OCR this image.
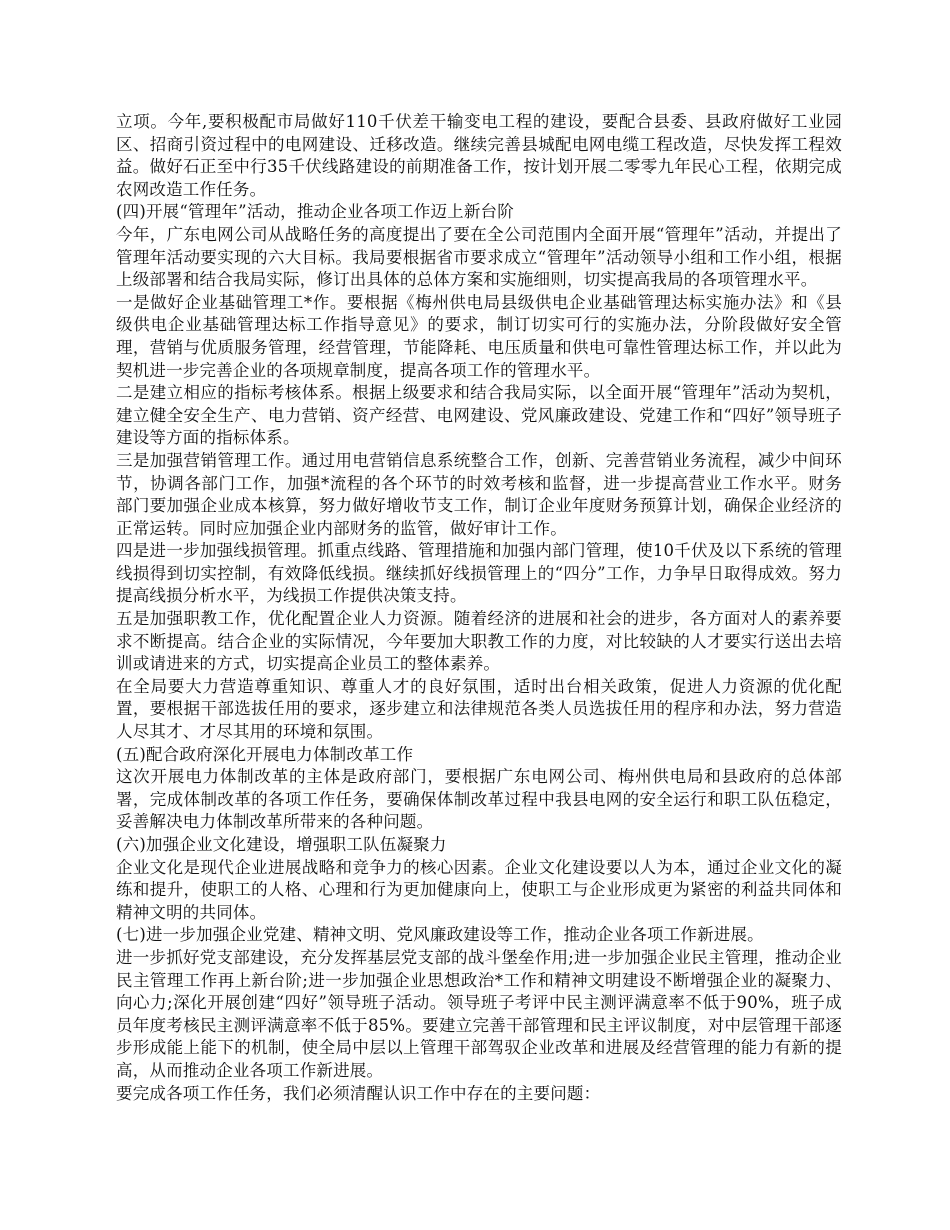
立项。今年,要积极配市局做好110千伏差干输变电工程的建设，要配合县委、县政府做好工业园区、招商引资过程中的电网建设、迁移改造。继续完善县城配电网电缆工程改造，尽快发挥工程效益。做好石正至中行35千伏线路建设的前期准备工作，按计划开展二零零九年民心工程，依期完成农网改造工作任务。

(四)开展“管理年”活动，推动企业各项工作迈上新台阶

今年，广东电网公司从战略任务的高度提出了要在全公司范围内全面开展“管理年”活动，并提出了管理年活动要实现的六大目标。我局要根据省市要求成立“管理年”活动领导小组和工作小组，根据上级部署和结合我局实际，修订出具体的总体方案和实施细则，切实提高我局的各项管理水平。

一是做好企业基础管理工*作。要根据《梅州供电局县级供电企业基础管理达标实施办法》和《县级供电企业基础管理达标工作指导意见》的要求，制订切实可行的实施办法，分阶段做好安全管理，营销与优质服务管理，经营管理，节能降耗、电压质量和供电可靠性管理达标工作，并以此为契机进一步完善企业的各项规章制度，提高各项工作的管理水平。

二是建立相应的指标考核体系。根据上级要求和结合我局实际，以全面开展“管理年”活动为契机，建立健全安全生产、电力营销、资产经营、电网建设、党风廉政建设、党建工作和“四好”领导班子建设等方面的指标体系。

三是加强营销管理工作。通过用电营销信息系统整合工作，创新、完善营销业务流程，减少中间环节，协调各部门工作，加强*流程的各个环节的时效考核和监督，进一步提高营业工作水平。财务部门要加强企业成本核算，努力做好增收节支工作，制订企业年度财务预算计划，确保企业经济的正常运转。同时应加强企业内部财务的监管，做好审计工作。

四是进一步加强线损管理。抓重点线路、管理措施和加强内部门管理，使10千伏及以下系统的管理线损得到切实控制，有效降低线损。继续抓好线损管理上的“四分”工作，力争早日取得成效。努力提高线损分析水平，为线损工作提供决策支持。

五是加强职教工作，优化配置企业人力资源。随着经济的进展和社会的进步，各方面对人的素养要求不断提高。结合企业的实际情况，今年要加大职教工作的力度，对比较缺的人才要实行送出去培训或请进来的方式，切实提高企业员工的整体素养。

在全局要大力营造尊重知识、尊重人才的良好氛围，适时出台相关政策，促进人力资源的优化配置，要根据干部选拔任用的要求，逐步建立和法律规范各类人员选拔任用的程序和办法，努力营造人尽其才、才尽其用的环境和氛围。

(五)配合政府深化开展电力体制改革工作

这次开展电力体制改革的主体是政府部门，要根据广东电网公司、梅州供电局和县政府的总体部署，完成体制改革的各项工作任务，要确保体制改革过程中我县电网的安全运行和职工队伍稳定，妥善解决电力体制改革所带来的各种问题。

(六)加强企业文化建设，增强职工队伍凝聚力

企业文化是现代企业进展战略和竞争力的核心因素。企业文化建设要以人为本，通过企业文化的凝练和提升，使职工的人格、心理和行为更加健康向上，使职工与企业形成更为紧密的利益共同体和精神文明的共同体。

(七)进一步加强企业党建、精神文明、党风廉政建设等工作，推动企业各项工作新进展。

进一步抓好党支部建设，充分发挥基层党支部的战斗堡垒作用;进一步加强企业民主管理，推动企业民主管理工作再上新台阶;进一步加强企业思想政治*工作和精神文明建设不断增强企业的凝聚力、向心力;深化开展创建“四好”领导班子活动。领导班子考评中民主测评满意率不低于90%，班子成员年度考核民主测评满意率不低于85%。要建立完善干部管理和民主评议制度，对中层管理干部逐步形成能上能下的机制，使全局中层以上管理干部驾驭企业改革和进展及经营管理的能力有新的提高，从而推动企业各项工作新进展。

要完成各项工作任务，我们必须清醒认识工作中存在的主要问题：
